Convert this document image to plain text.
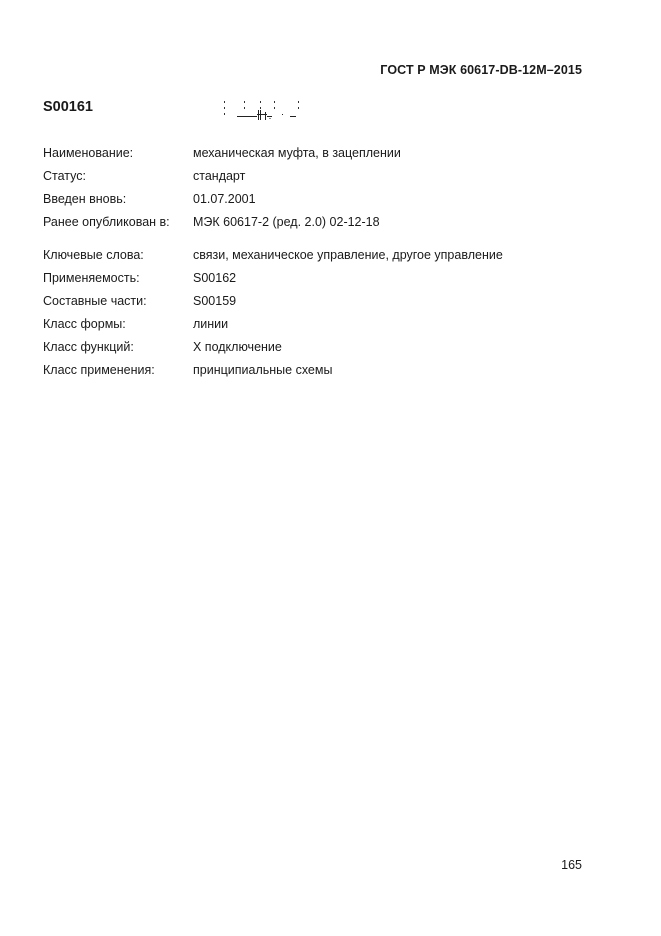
ГОСТ Р МЭК 60617-DB-12M–2015
S00161
Наименование:	механическая муфта, в зацеплении
Статус:	стандарт
Введен вновь:	01.07.2001
Ранее опубликован в:	МЭК 60617-2 (ред. 2.0) 02-12-18
Ключевые слова:	связи, механическое управление, другое управление
Применяемость:	S00162
Составные части:	S00159
Класс формы:	линии
Класс функций:	X подключение
Класс применения:	принципиальные схемы
165
